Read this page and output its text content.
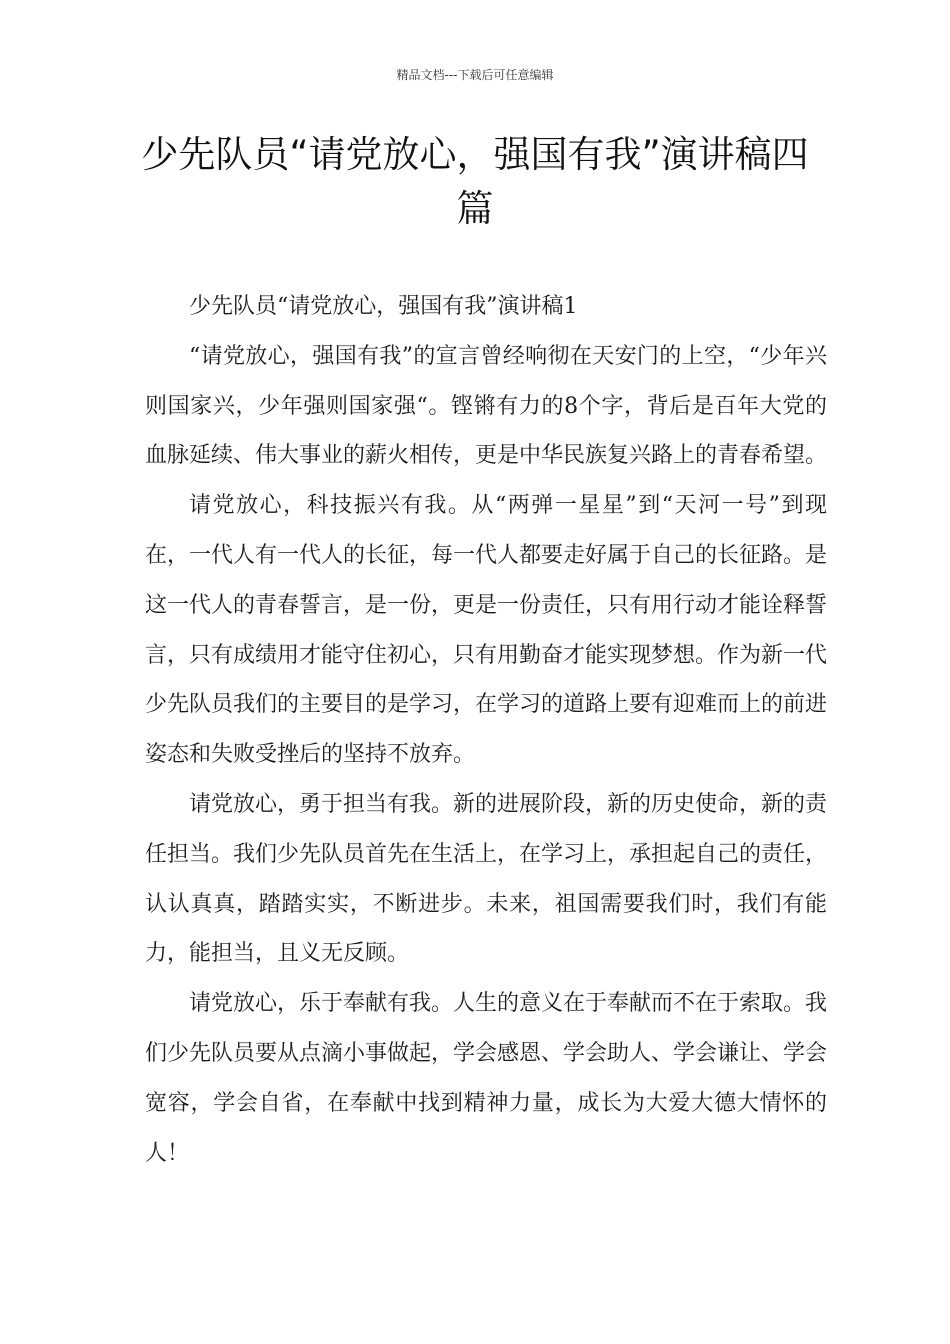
精品文档---下载后可任意编辑
少先队员“请党放心，强国有我”演讲稿四篇

少先队员“请党放心，强国有我”演讲稿1

“请党放心，强国有我”的宣言曾经响彻在天安门的上空，“少年兴则国家兴，少年强则国家强“。铿锵有力的8个字，背后是百年大党的血脉延续、伟大事业的薪火相传，更是中华民族复兴路上的青春希望。

请党放心，科技振兴有我。从“两弹一星星”到“天河一号”到现在，一代人有一代人的长征，每一代人都要走好属于自己的长征路。是这一代人的青春誓言，是一份，更是一份责任，只有用行动才能诠释誓言，只有成绩用才能守住初心，只有用勤奋才能实现梦想。作为新一代少先队员我们的主要目的是学习，在学习的道路上要有迎难而上的前进姿态和失败受挫后的坚持不放弃。

请党放心，勇于担当有我。新的进展阶段，新的历史使命，新的责任担当。我们少先队员首先在生活上，在学习上，承担起自己的责任，认认真真，踏踏实实，不断进步。未来，祖国需要我们时，我们有能力，能担当，且义无反顾。

请党放心，乐于奉献有我。人生的意义在于奉献而不在于索取。我们少先队员要从点滴小事做起，学会感恩、学会助人、学会谦让、学会宽容，学会自省，在奉献中找到精神力量，成长为大爱大德大情怀的人！
